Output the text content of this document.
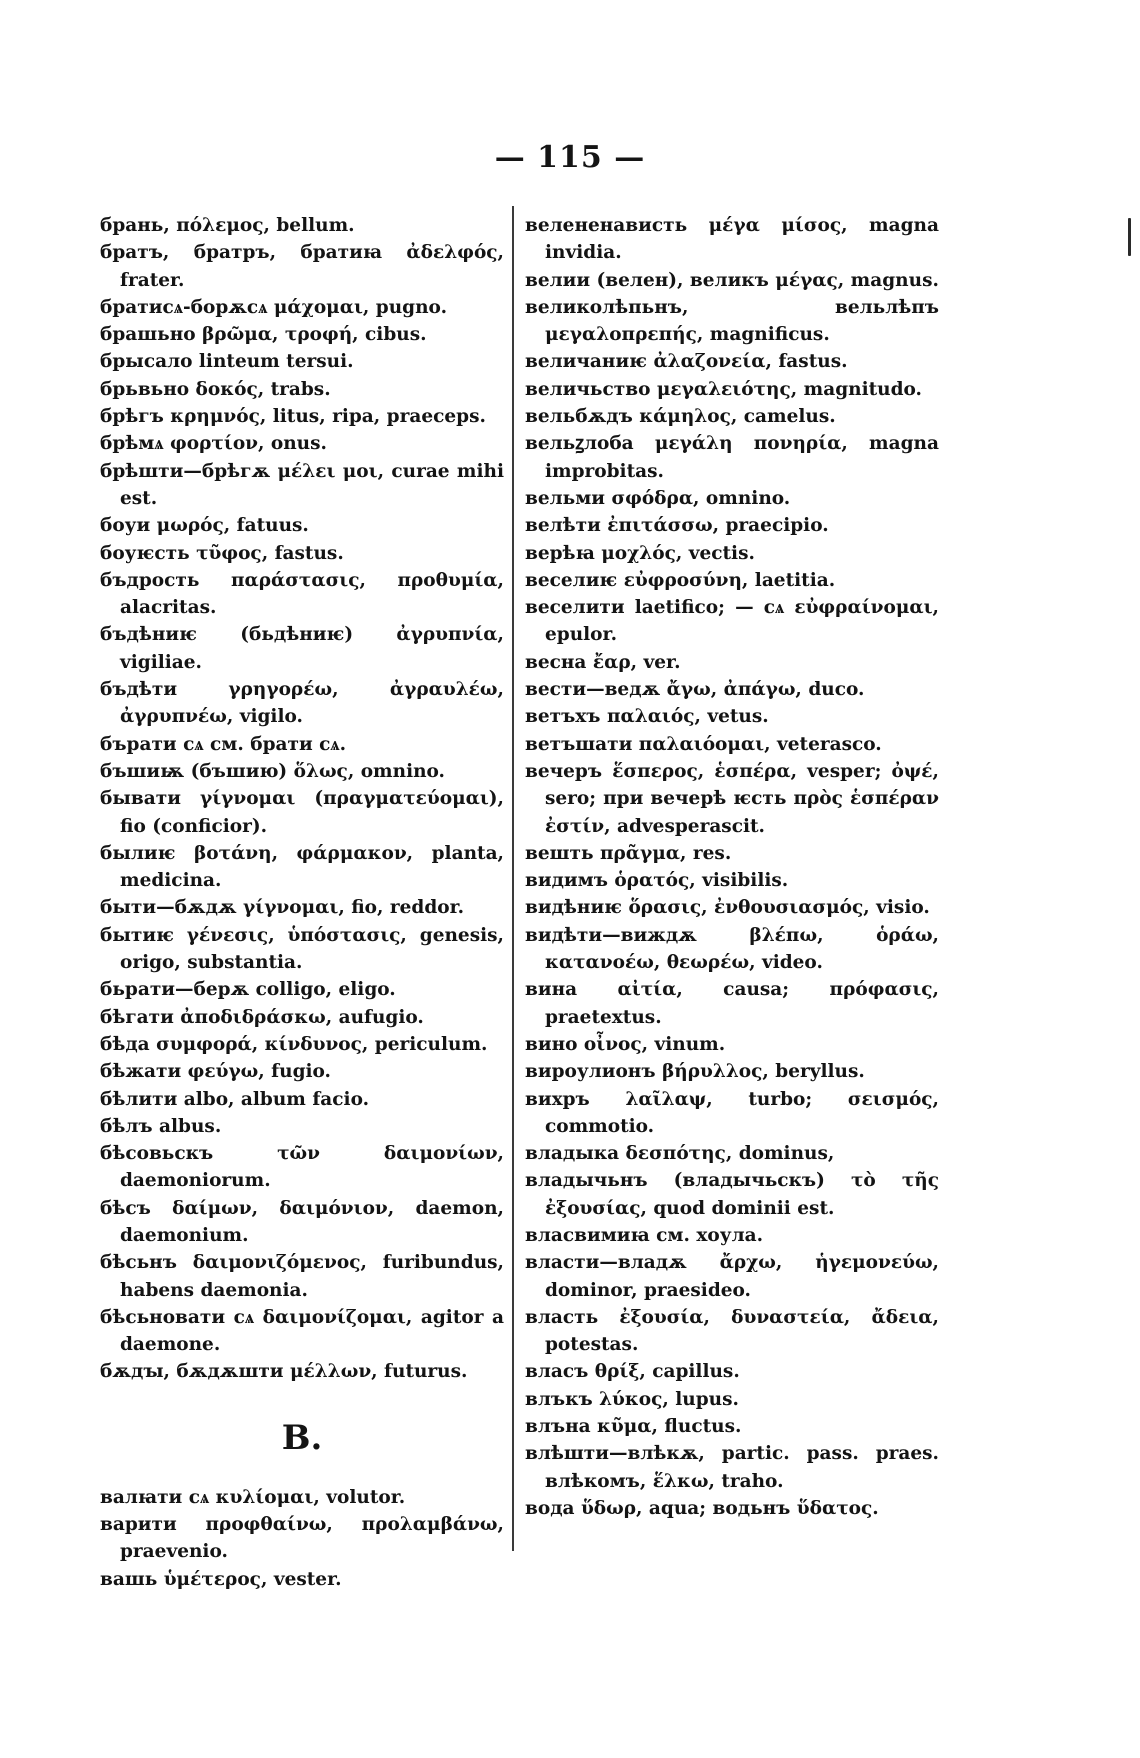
— 115 —

брань, πόλεμος, bellum.

братъ, братръ, братиꙗ ἀδελφός, frater.

братисѧ-борѫсѧ μάχομαι, pugno.

брашьно βρῶμα, τροφή, cibus.

брысало linteum tersui.

брьвьно δοκός, trabs.

брѣгъ κρημνός, litus, ripa, praeceps.

брѣмѧ φορτίον, onus.

брѣшти—брѣгѫ μέλει μοι, curae mihi est.

боуи μωρός, fatuus.

боуѥсть τῦφος, fastus.

бъдрость παράστασις, προθυμία, alacritas.

бъдѣниѥ (бьдѣниѥ) ἀγρυπνία, vigiliae.

бъдѣти γρηγορέω, ἀγραυλέω, ἀγρυπνέω, vigilo.

бърати сѧ см. брати сѧ.

бъшиѭ (бъшию) ὅλως, omnino.

бывати γίγνομαι (πραγματεύομαι), fio (conficior).

былиѥ βοτάνη, φάρμακον, planta, medicina.

быти—бѫдѫ γίγνομαι, fio, reddor.

бытиѥ γένεσις, ὑπόστασις, genesis, origo, substantia.

бьрати—берѫ colligo, eligo.

бѣгати ἀποδιδράσκω, aufugio.

бѣда συμφορά, κίνδυνος, periculum.

бѣжати φεύγω, fugio.

бѣлити albo, album facio.

бѣлъ albus.

бѣсовьскъ τῶν δαιμονίων, daemoniorum.

бѣсъ δαίμων, δαιμόνιον, daemon, daemonium.

бѣсьнъ δαιμονιζόμενος, furibundus, habens daemonia.

бѣсьновати сѧ δαιμονίζομαι, agitor a daemone.

бѫдꙑ, бѫдѫшти μέλλων, futurus.

В.

валꙗти сѧ κυλίομαι, volutor.

варити προφθαίνω, προλαμβάνω, praevenio.

вашь ὑμέτερος, vester.

велененависть μέγα μίσος, magna invidia.

велии (велен), великъ μέγας, magnus.

великолѣпьнъ, вельлѣпъ μεγαλοπρεπής, magnificus.

величаниѥ ἀλαζονεία, fastus.

величьство μεγαλειότης, magnitudo.

вельбѫдъ κάμηλος, camelus.

вельꙁлоба μεγάλη πονηρία, magna improbitas.

вельми σφόδρα, omnino.

велѣти ἐπιτάσσω, praecipio.

верѣꙗ μοχλός, vectis.

веселиѥ εὐφροσύνη, laetitia.

веселити laetifico; — сѧ εὐφραίνομαι, epulor.

весна ἔαρ, ver.

вести—ведѫ ἄγω, ἀπάγω, duco.

ветъхъ παλαιός, vetus.

ветъшати παλαιόομαι, veterasco.

вечеръ ἕσπερος, ἑσπέρα, vesper; ὀψέ, sero; при вечерѣ ѥсть πρὸς ἑσπέραν ἐστίν, advesperascit.

вешть πρᾶγμα, res.

видимъ ὁρατός, visibilis.

видѣниѥ ὅρασις, ἐνθουσιασμός, visio.

видѣти—виждѫ βλέπω, ὁράω, κατανοέω, θεωρέω, video.

вина αἰτία, causa; πρόφασις, praetextus.

вино οἶνος, vinum.

вироулионъ βήρυλλος, beryllus.

вихръ λαῖλαψ, turbo; σεισμός, commotio.

владыка δεσπότης, dominus,

владычьнъ (владычьскъ) τὸ τῆς ἐξουσίας, quod dominii est.

власвимиꙗ см. хоула.

власти—владѫ ἄρχω, ἡγεμονεύω, dominor, praesideo.

власть ἐξουσία, δυναστεία, ἄδεια, potestas.

власъ θρίξ, capillus.

влъкъ λύκος, lupus.

влъна κῦμα, fluctus.

влѣшти—влѣкѫ, partic. pass. praes. влѣкомъ, ἕλκω, traho.

вода ὕδωρ, aqua; водьнъ ὕδατος.
